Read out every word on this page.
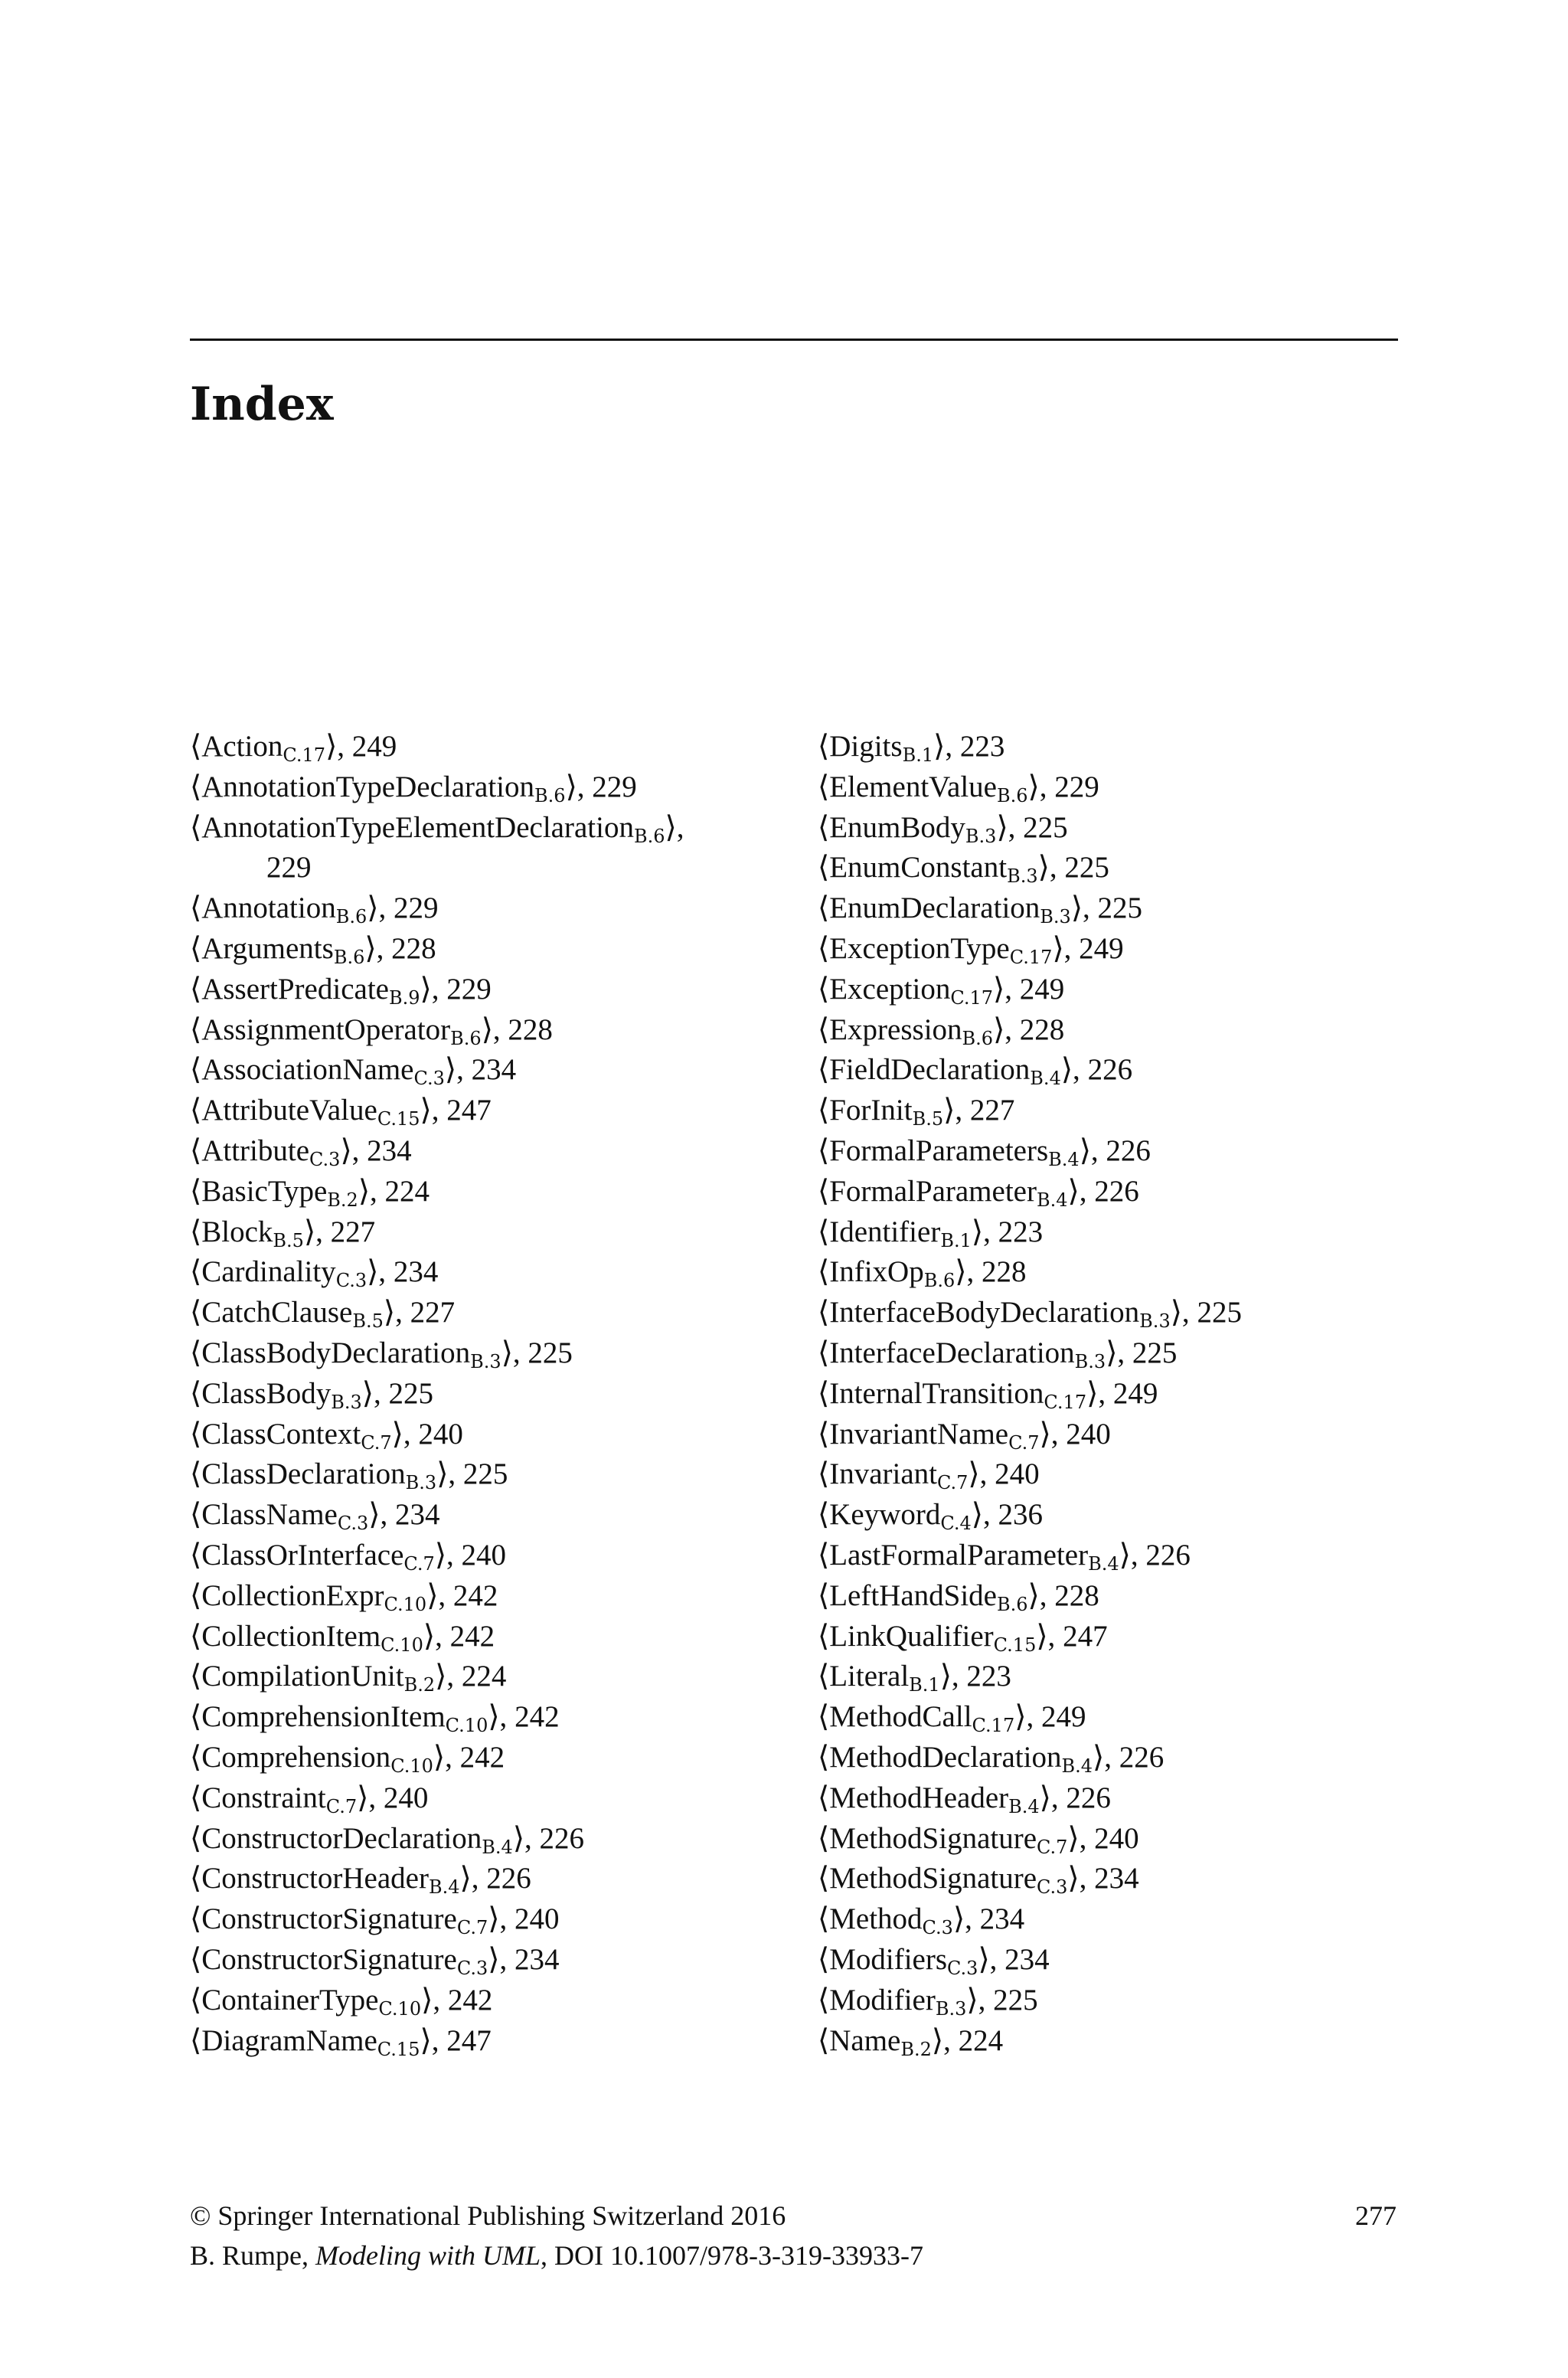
Index
⟨ActionC.17⟩, 249
⟨AnnotationTypeDeclarationB.6⟩, 229
⟨AnnotationTypeElementDeclarationB.6⟩,
229
⟨AnnotationB.6⟩, 229
⟨ArgumentsB.6⟩, 228
⟨AssertPredicateB.9⟩, 229
⟨AssignmentOperatorB.6⟩, 228
⟨AssociationNameC.3⟩, 234
⟨AttributeValueC.15⟩, 247
⟨AttributeC.3⟩, 234
⟨BasicTypeB.2⟩, 224
⟨BlockB.5⟩, 227
⟨CardinalityC.3⟩, 234
⟨CatchClauseB.5⟩, 227
⟨ClassBodyDeclarationB.3⟩, 225
⟨ClassBodyB.3⟩, 225
⟨ClassContextC.7⟩, 240
⟨ClassDeclarationB.3⟩, 225
⟨ClassNameC.3⟩, 234
⟨ClassOrInterfaceC.7⟩, 240
⟨CollectionExprC.10⟩, 242
⟨CollectionItemC.10⟩, 242
⟨CompilationUnitB.2⟩, 224
⟨ComprehensionItemC.10⟩, 242
⟨ComprehensionC.10⟩, 242
⟨ConstraintC.7⟩, 240
⟨ConstructorDeclarationB.4⟩, 226
⟨ConstructorHeaderB.4⟩, 226
⟨ConstructorSignatureC.7⟩, 240
⟨ConstructorSignatureC.3⟩, 234
⟨ContainerTypeC.10⟩, 242
⟨DiagramNameC.15⟩, 247
⟨DigitsB.1⟩, 223
⟨ElementValueB.6⟩, 229
⟨EnumBodyB.3⟩, 225
⟨EnumConstantB.3⟩, 225
⟨EnumDeclarationB.3⟩, 225
⟨ExceptionTypeC.17⟩, 249
⟨ExceptionC.17⟩, 249
⟨ExpressionB.6⟩, 228
⟨FieldDeclarationB.4⟩, 226
⟨ForInitB.5⟩, 227
⟨FormalParametersB.4⟩, 226
⟨FormalParameterB.4⟩, 226
⟨IdentifierB.1⟩, 223
⟨InfixOpB.6⟩, 228
⟨InterfaceBodyDeclarationB.3⟩, 225
⟨InterfaceDeclarationB.3⟩, 225
⟨InternalTransitionC.17⟩, 249
⟨InvariantNameC.7⟩, 240
⟨InvariantC.7⟩, 240
⟨KeywordC.4⟩, 236
⟨LastFormalParameterB.4⟩, 226
⟨LeftHandSideB.6⟩, 228
⟨LinkQualifierC.15⟩, 247
⟨LiteralB.1⟩, 223
⟨MethodCallC.17⟩, 249
⟨MethodDeclarationB.4⟩, 226
⟨MethodHeaderB.4⟩, 226
⟨MethodSignatureC.7⟩, 240
⟨MethodSignatureC.3⟩, 234
⟨MethodC.3⟩, 234
⟨ModifiersC.3⟩, 234
⟨ModifierB.3⟩, 225
⟨NameB.2⟩, 224
© Springer International Publishing Switzerland 2016
B. Rumpe, Modeling with UML, DOI 10.1007/978-3-319-33933-7
277
